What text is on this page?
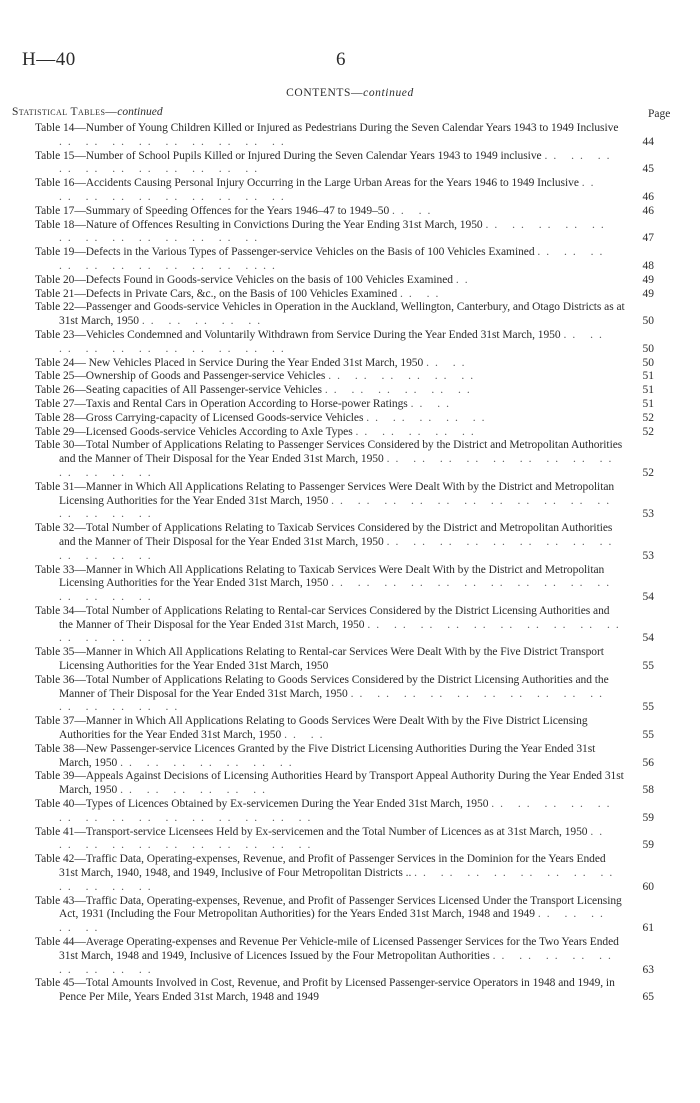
H—40	6
CONTENTS—continued
Statistical Tables—continued	Page
Table 14—Number of Young Children Killed or Injured as Pedestrians During the Seven Calendar Years 1943 to 1949 Inclusive .. .. .. .. .. .. .. .. ..	44
Table 15—Number of School Pupils Killed or Injured During the Seven Calendar Years 1943 to 1949 inclusive .. .. .. .. .. .. .. .. .. .. ..	45
Table 16—Accidents Causing Personal Injury Occurring in the Large Urban Areas for the Years 1946 to 1949 Inclusive .. .. .. .. .. .. .. .. .. ..	46
Table 17—Summary of Speeding Offences for the Years 1946–47 to 1949–50 .. ..	46
Table 18—Nature of Offences Resulting in Convictions During the Year Ending 31st March, 1950 .. .. .. .. .. .. .. .. .. .. .. .. ..	47
Table 19—Defects in the Various Types of Passenger-service Vehicles on the Basis of 100 Vehicles Examined .. .. .. .. .. .. .. .. .. .. ....	48
Table 20—Defects Found in Goods-service Vehicles on the basis of 100 Vehicles Examined ..	49
Table 21—Defects in Private Cars, &c., on the Basis of 100 Vehicles Examined .. ..	49
Table 22—Passenger and Goods-service Vehicles in Operation in the Auckland, Wellington, Canterbury, and Otago Districts as at 31st March, 1950 .. .. .. .. ..	50
Table 23—Vehicles Condemned and Voluntarily Withdrawn from Service During the Year Ended 31st March, 1950 .. .. .. .. .. .. .. .. .. .. ..	50
Table 24— New Vehicles Placed in Service During the Year Ended 31st March, 1950 .. ..	50
Table 25—Ownership of Goods and Passenger-service Vehicles .. .. .. .. .. ..	51
Table 26—Seating capacities of All Passenger-service Vehicles .. .. .. .. .. ..	51
Table 27—Taxis and Rental Cars in Operation According to Horse-power Ratings .. ..	51
Table 28—Gross Carrying-capacity of Licensed Goods-service Vehicles .. .. .. .. ..	52
Table 29—Licensed Goods-service Vehicles According to Axle Types .. .. .. .. ..	52
Table 30—Total Number of Applications Relating to Passenger Services Considered by the District and Metropolitan Authorities and the Manner of Their Disposal for the Year Ended 31st March, 1950 .. .. .. .. .. .. .. .. .. .. .. .. ..	52
Table 31—Manner in Which All Applications Relating to Passenger Services Were Dealt With by the District and Metropolitan Licensing Authorities for the Year Ended 31st March, 1950 .. .. .. .. .. .. .. .. .. .. .. .. .. .. ..	53
Table 32—Total Number of Applications Relating to Taxicab Services Considered by the District and Metropolitan Authorities and the Manner of Their Disposal for the Year Ended 31st March, 1950 .. .. .. .. .. .. .. .. .. .. .. .. ..	53
Table 33—Manner in Which All Applications Relating to Taxicab Services Were Dealt With by the District and Metropolitan Licensing Authorities for the Year Ended 31st March, 1950 .. .. .. .. .. .. .. .. .. .. .. .. .. .. ..	54
Table 34—Total Number of Applications Relating to Rental-car Services Considered by the District Licensing Authorities and the Manner of Their Disposal for the Year Ended 31st March, 1950 .. .. .. .. .. .. .. .. .. .. .. .. .. ..	54
Table 35—Manner in Which All Applications Relating to Rental-car Services Were Dealt With by the Five District Transport Licensing Authorities for the Year Ended 31st March, 1950	55
Table 36—Total Number of Applications Relating to Goods Services Considered by the District Licensing Authorities and the Manner of Their Disposal for the Year Ended 31st March, 1950 .. .. .. .. .. .. .. .. .. .. .. .. .. .. ..	55
Table 37—Manner in Which All Applications Relating to Goods Services Were Dealt With by the Five District Licensing Authorities for the Year Ended 31st March, 1950 .. ..	55
Table 38—New Passenger-service Licences Granted by the Five District Licensing Authorities During the Year Ended 31st March, 1950 .. .. .. .. .. .. ..	56
Table 39—Appeals Against Decisions of Licensing Authorities Heard by Transport Appeal Authority During the Year Ended 31st March, 1950 .. .. .. .. .. ..	58
Table 40—Types of Licences Obtained by Ex-servicemen During the Year Ended 31st March, 1950 .. .. .. .. .. .. .. .. .. .. .. .. .. .. ..	59
Table 41—Transport-service Licensees Held by Ex-servicemen and the Total Number of Licences as at 31st March, 1950 .. .. .. .. .. .. .. .. .. .. ..	59
Table 42—Traffic Data, Operating-expenses, Revenue, and Profit of Passenger Services in the Dominion for the Years Ended 31st March, 1940, 1948, and 1949, Inclusive of Four Metropolitan Districts .. .. .. .. .. .. .. .. .. .. .. .. ..	60
Table 43—Traffic Data, Operating-expenses, Revenue, and Profit of Passenger Services Licensed Under the Transport Licensing Act, 1931 (Including the Four Metropolitan Authorities) for the Years Ended 31st March, 1948 and 1949 .. .. .. .. ..	61
Table 44—Average Operating-expenses and Revenue Per Vehicle-mile of Licensed Passenger Services for the Two Years Ended 31st March, 1948 and 1949, Inclusive of Licences Issued by the Four Metropolitan Authorities .. .. .. .. .. .. .. .. ..	63
Table 45—Total Amounts Involved in Cost, Revenue, and Profit by Licensed Passenger-service Operators in 1948 and 1949, in Pence Per Mile, Years Ended 31st March, 1948 and 1949	65
